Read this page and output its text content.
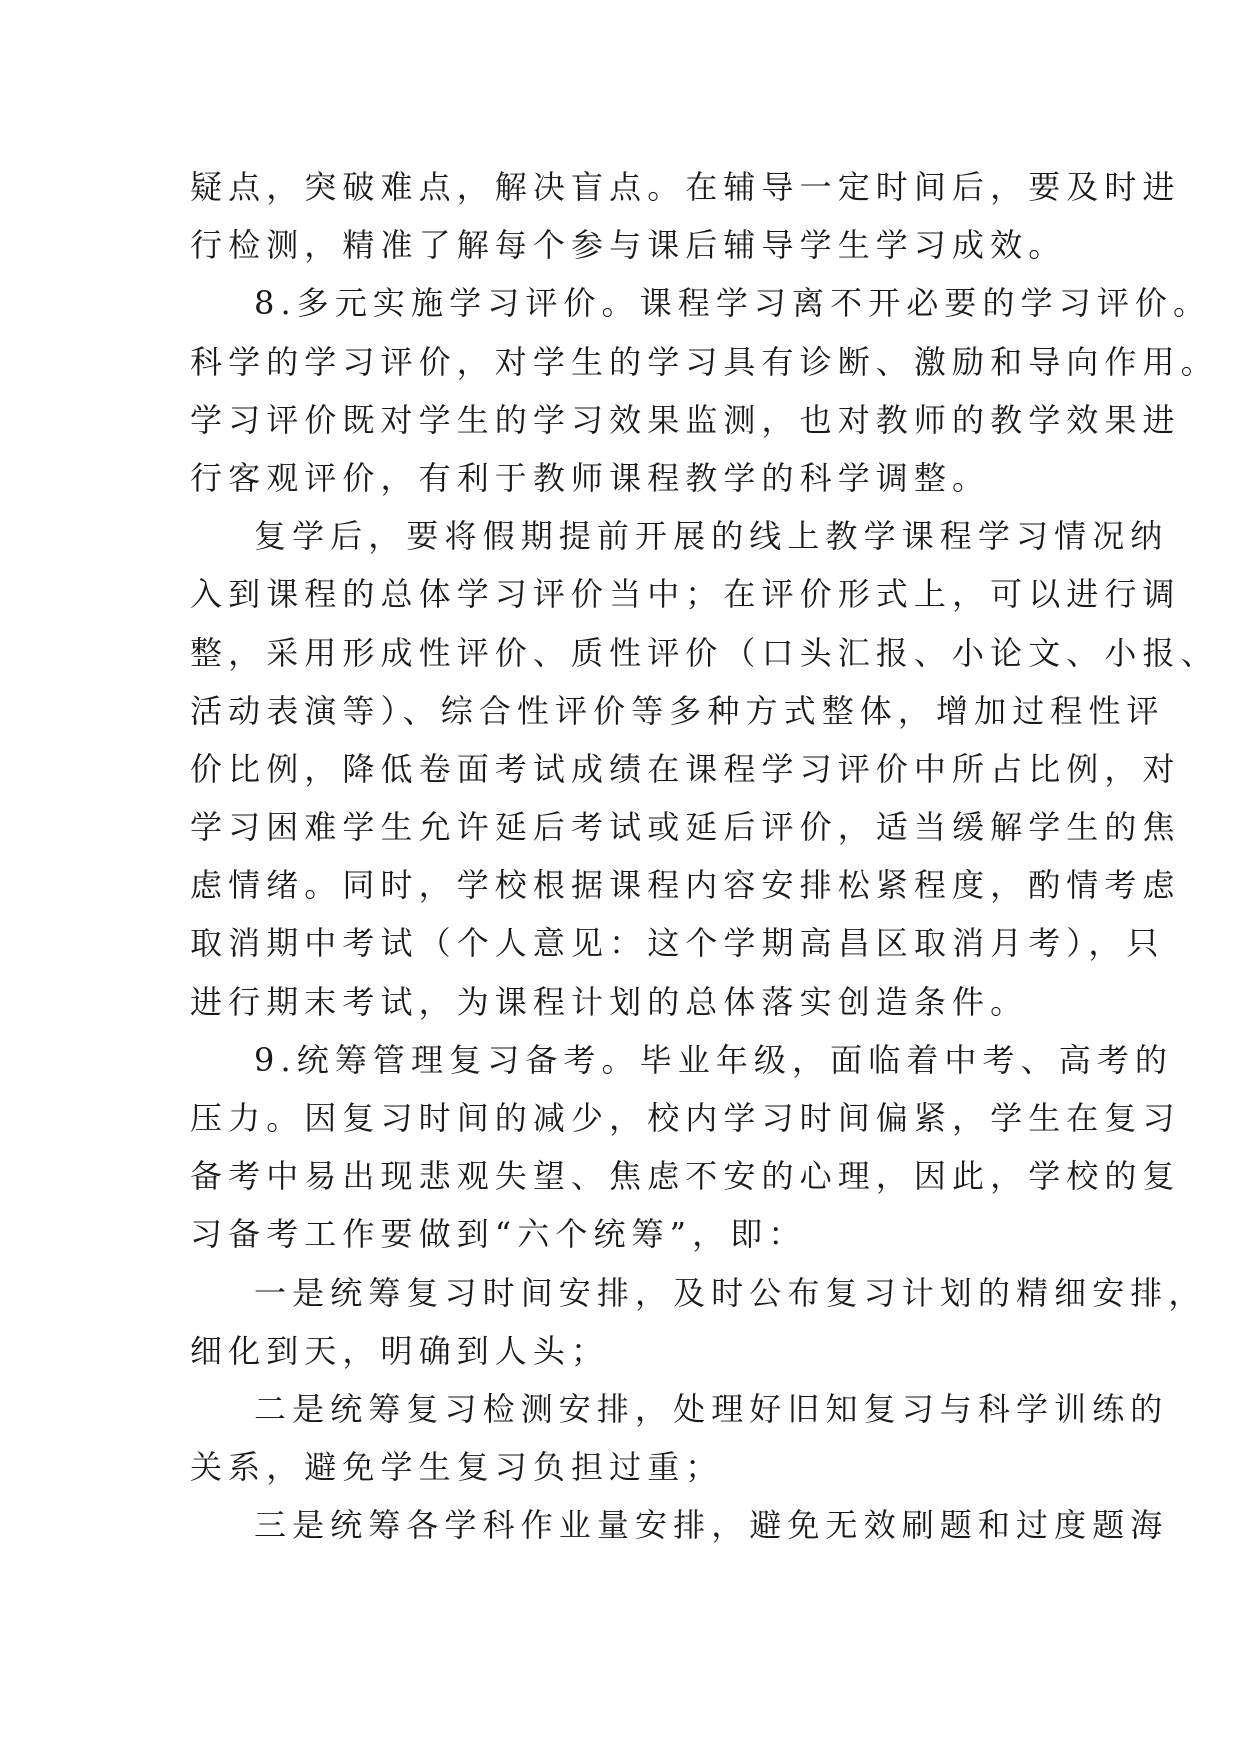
疑点，突破难点，解决盲点。在辅导一定时间后，要及时进
行检测，精准了解每个参与课后辅导学生学习成效。
8.多元实施学习评价。课程学习离不开必要的学习评价。
科学的学习评价，对学生的学习具有诊断、激励和导向作用。
学习评价既对学生的学习效果监测，也对教师的教学效果进
行客观评价，有利于教师课程教学的科学调整。
复学后，要将假期提前开展的线上教学课程学习情况纳
入到课程的总体学习评价当中；在评价形式上，可以进行调
整，采用形成性评价、质性评价（口头汇报、小论文、小报、
活动表演等）、综合性评价等多种方式整体，增加过程性评
价比例，降低卷面考试成绩在课程学习评价中所占比例，对
学习困难学生允许延后考试或延后评价，适当缓解学生的焦
虑情绪。同时，学校根据课程内容安排松紧程度，酌情考虑
取消期中考试（个人意见：这个学期高昌区取消月考），只
进行期末考试，为课程计划的总体落实创造条件。
9.统筹管理复习备考。毕业年级，面临着中考、高考的
压力。因复习时间的减少，校内学习时间偏紧，学生在复习
备考中易出现悲观失望、焦虑不安的心理，因此，学校的复
习备考工作要做到“六个统筹”，即：
一是统筹复习时间安排，及时公布复习计划的精细安排，
细化到天，明确到人头；
二是统筹复习检测安排，处理好旧知复习与科学训练的
关系，避免学生复习负担过重；
三是统筹各学科作业量安排，避免无效刷题和过度题海
